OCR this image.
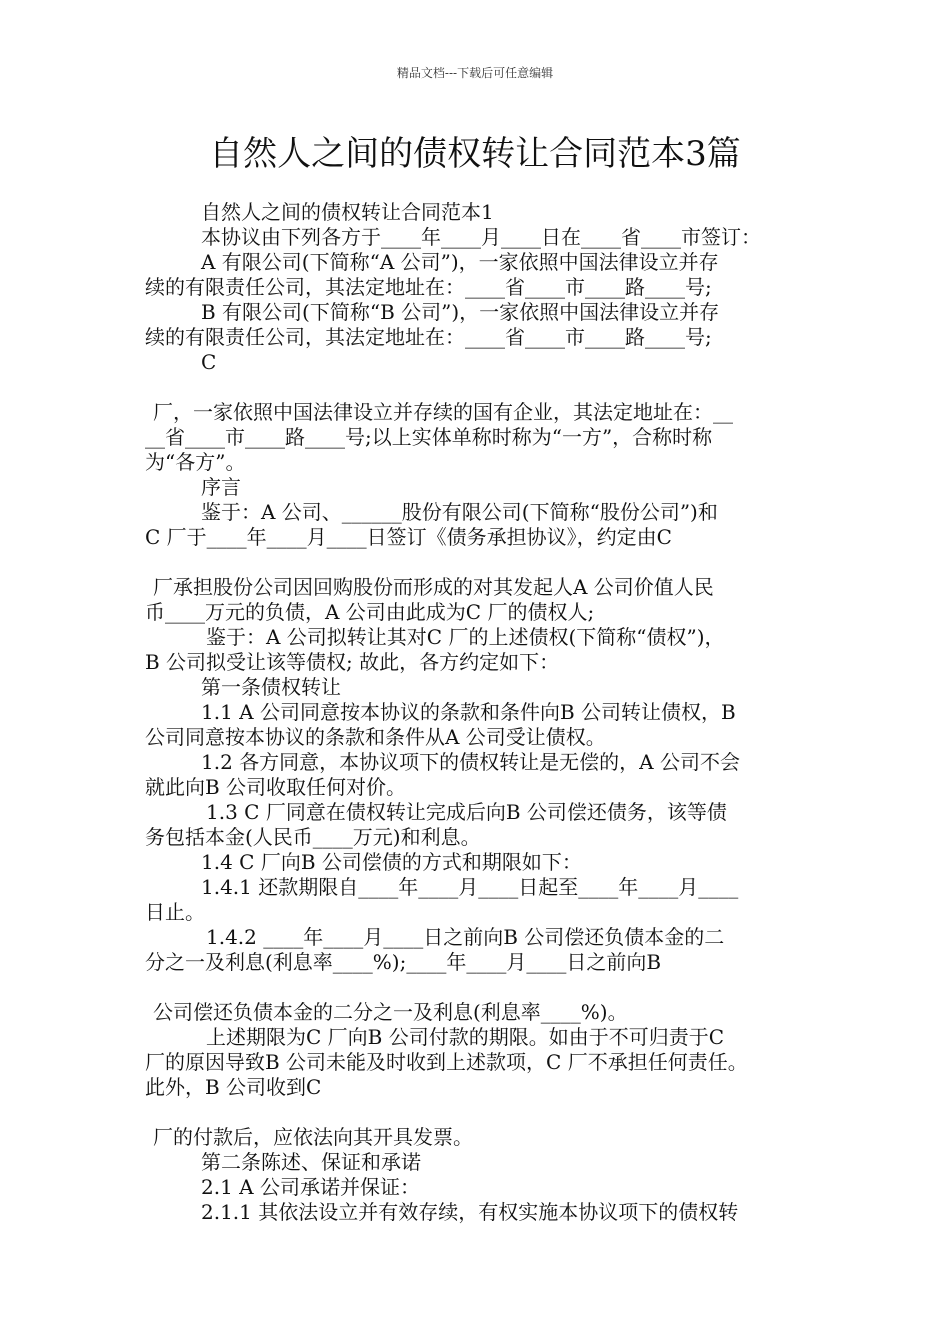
精品文档---下载后可任意编辑
自然人之间的债权转让合同范本3篇
自然人之间的债权转让合同范本1
本协议由下列各方于____年____月____日在____省____市签订：
A 有限公司(下简称“A 公司”)，一家依照中国法律设立并存
续的有限责任公司，其法定地址在：____省____市____路____号;
B 有限公司(下简称“B 公司”)，一家依照中国法律设立并存
续的有限责任公司，其法定地址在：____省____市____路____号;
C
厂，一家依照中国法律设立并存续的国有企业，其法定地址在：__
__省____市____路____号;以上实体单称时称为“一方”，合称时称
为“各方”。
序言
鉴于：A 公司、______股份有限公司(下简称“股份公司”)和
C 厂于____年____月____日签订《债务承担协议》，约定由C
厂承担股份公司因回购股份而形成的对其发起人A 公司价值人民
币____万元的负债，A 公司由此成为C 厂的债权人;
鉴于：A 公司拟转让其对C 厂的上述债权(下简称“债权”)，
B 公司拟受让该等债权; 故此，各方约定如下：
第一条债权转让
1.1 A 公司同意按本协议的条款和条件向B 公司转让债权，B
公司同意按本协议的条款和条件从A 公司受让债权。
1.2 各方同意，本协议项下的债权转让是无偿的，A 公司不会
就此向B 公司收取任何对价。
1.3 C 厂同意在债权转让完成后向B 公司偿还债务，该等债
务包括本金(人民币____万元)和利息。
1.4 C 厂向B 公司偿债的方式和期限如下：
1.4.1 还款期限自____年____月____日起至____年____月____
日止。
1.4.2 ____年____月____日之前向B 公司偿还负债本金的二
分之一及利息(利息率____%);____年____月____日之前向B
公司偿还负债本金的二分之一及利息(利息率____%)。
上述期限为C 厂向B 公司付款的期限。如由于不可归责于C
厂的原因导致B 公司未能及时收到上述款项，C 厂不承担任何责任。
此外，B 公司收到C
厂的付款后，应依法向其开具发票。
第二条陈述、保证和承诺
2.1 A 公司承诺并保证：
2.1.1 其依法设立并有效存续，有权实施本协议项下的债权转
